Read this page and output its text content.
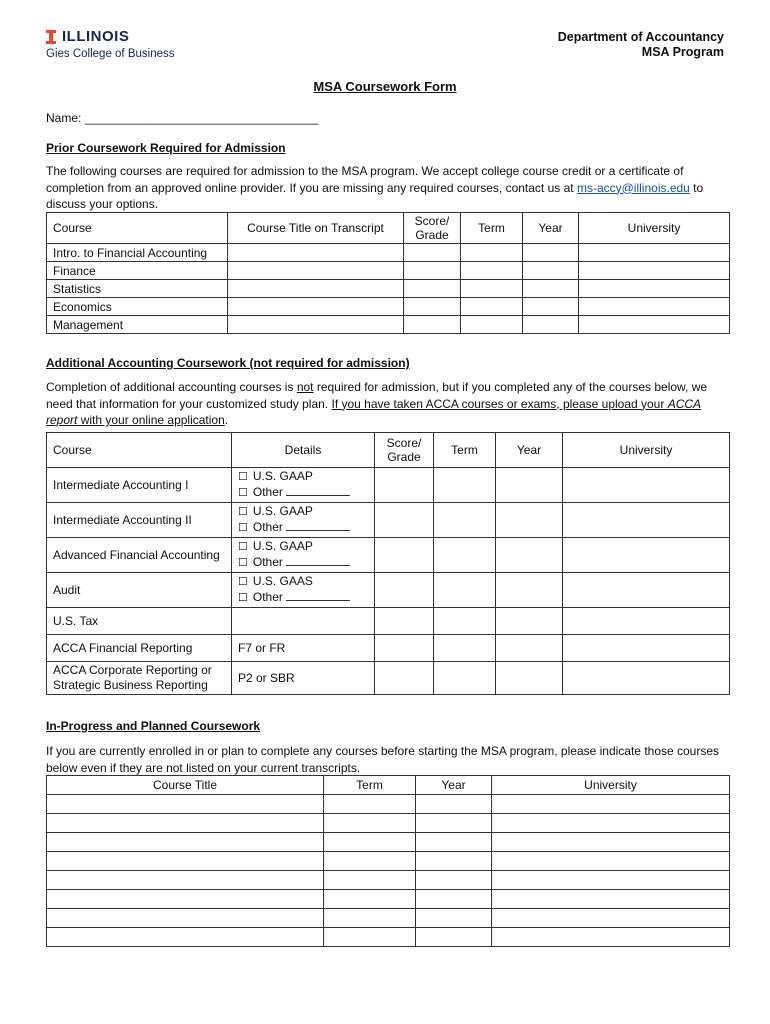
ILLINOIS
Gies College of Business
Department of Accountancy
MSA Program
MSA Coursework Form
Name: ___________________________________
Prior Coursework Required for Admission
The following courses are required for admission to the MSA program. We accept college course credit or a certificate of completion from an approved online provider. If you are missing any required courses, contact us at ms-accy@illinois.edu to discuss your options.
Course	Course Title on Transcript	Score/ Grade	Term	Year	University
Intro. to Financial Accounting					
Finance					
Statistics					
Economics					
Management					
Additional Accounting Coursework (not required for admission)
Completion of additional accounting courses is not required for admission, but if you completed any of the courses below, we need that information for your customized study plan. If you have taken ACCA courses or exams, please upload your ACCA report with your online application.
Course	Details	Score/ Grade	Term	Year	University
Intermediate Accounting I	☐ U.S. GAAP
☐ Other				

Intermediate Accounting II	☐ U.S. GAAP
☐ Other				

Advanced Financial Accounting	☐ U.S. GAAP
☐ Other				

Audit	☐ U.S. GAAS
☐ Other				

U.S. Tax					
ACCA Financial Reporting	F7 or FR				
ACCA Corporate Reporting or Strategic Business Reporting	P2 or SBR				
In-Progress and Planned Coursework
If you are currently enrolled in or plan to complete any courses before starting the MSA program, please indicate those courses below even if they are not listed on your current transcripts.
Course Title	Term	Year	University
